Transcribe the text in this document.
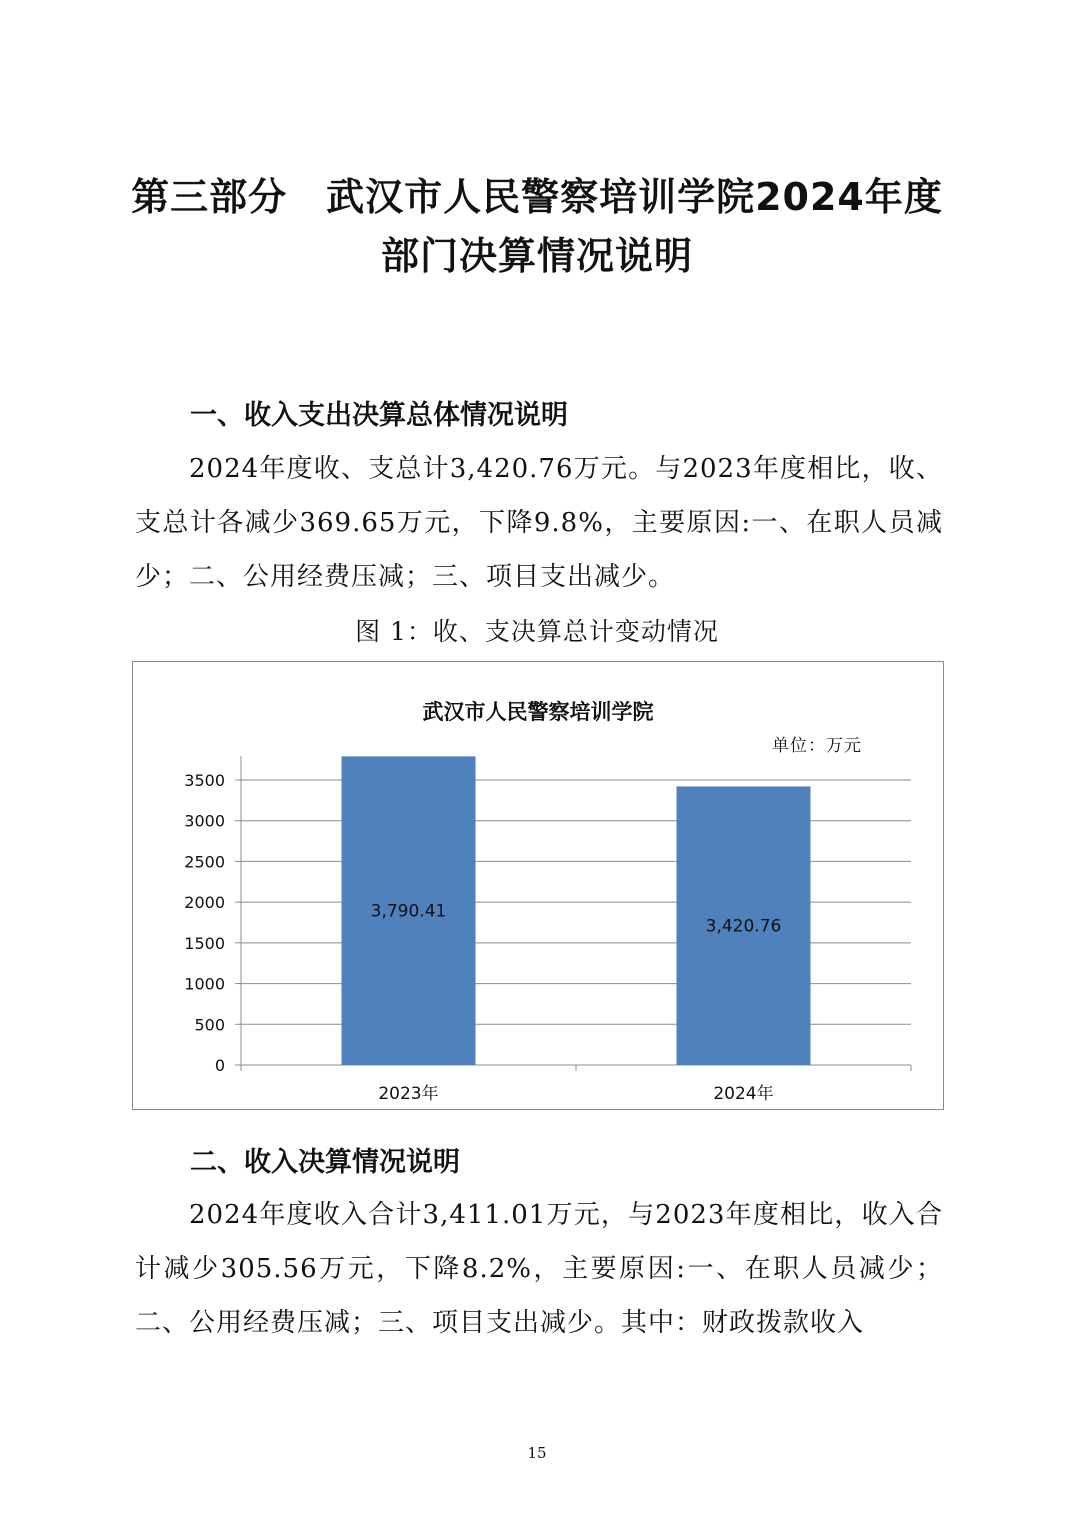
第三部分　武汉市人民警察培训学院2024年度
部门决算情况说明
一、收入支出决算总体情况说明

2024年度收、支总计3,420.76万元。与2023年度相比，收、支总计各减少369.65万元，下降9.8%，主要原因:一、在职人员减少；二、公用经费压减；三、项目支出减少。

图 1：收、支决算总计变动情况
0
500
1000
1500
2000
2500
3000
3500
3,790.41
2023年
3,420.76
2024年
武汉市人民警察培训学院
单位：万元
二、收入决算情况说明

2024年度收入合计3,411.01万元，与2023年度相比，收入合计减少305.56万元，下降8.2%，主要原因:一、在职人员减少；二、公用经费压减；三、项目支出减少。其中：财政拨款收入

15
